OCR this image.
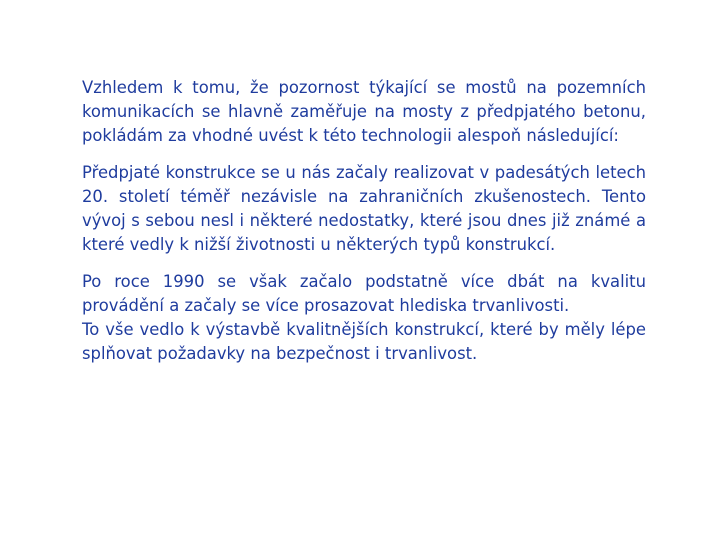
Vzhledem k tomu, že pozornost týkající se mostů na pozemních komunikacích se hlavně zaměřuje na mosty z předpjatého betonu, pokládám za vhodné uvést k této technologii alespoň následující:

Předpjaté konstrukce se u nás začaly realizovat v padesátých letech 20. století téměř nezávisle na zahraničních zkušenostech. Tento vývoj s sebou nesl i některé nedostatky, které jsou dnes již známé a které vedly k nižší životnosti u některých typů konstrukcí.

Po roce 1990 se však začalo podstatně více dbát na kvalitu provádění a začaly se více prosazovat hlediska trvanlivosti.

To vše vedlo k výstavbě kvalitnějších konstrukcí, které by měly lépe splňovat požadavky na bezpečnost i trvanlivost.
